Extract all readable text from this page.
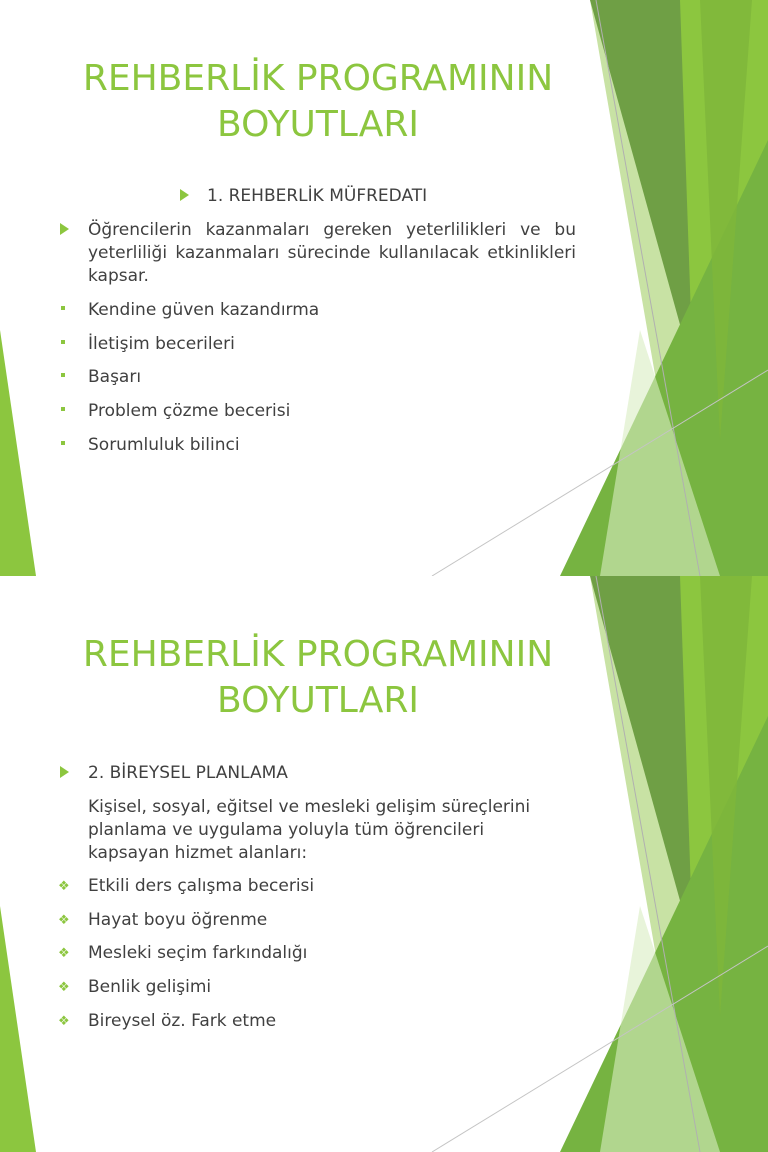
REHBERLİK PROGRAMININ
BOYUTLARI
1. REHBERLİK MÜFREDATI
Öğrencilerin kazanmaları gereken yeterlilikleri ve bu yeterliliği kazanmaları sürecinde kullanılacak etkinlikleri kapsar.
Kendine güven kazandırma
İletişim becerileri
Başarı
Problem çözme becerisi
Sorumluluk bilinci
REHBERLİK PROGRAMININ
BOYUTLARI
2. BİREYSEL PLANLAMA
Kişisel, sosyal, eğitsel ve mesleki gelişim süreçlerini planlama ve uygulama yoluyla tüm öğrencileri kapsayan hizmet alanları:
❖ Etkili ders çalışma becerisi
❖ Hayat boyu öğrenme
❖ Mesleki seçim farkındalığı
❖ Benlik gelişimi
❖ Bireysel öz. Fark etme
